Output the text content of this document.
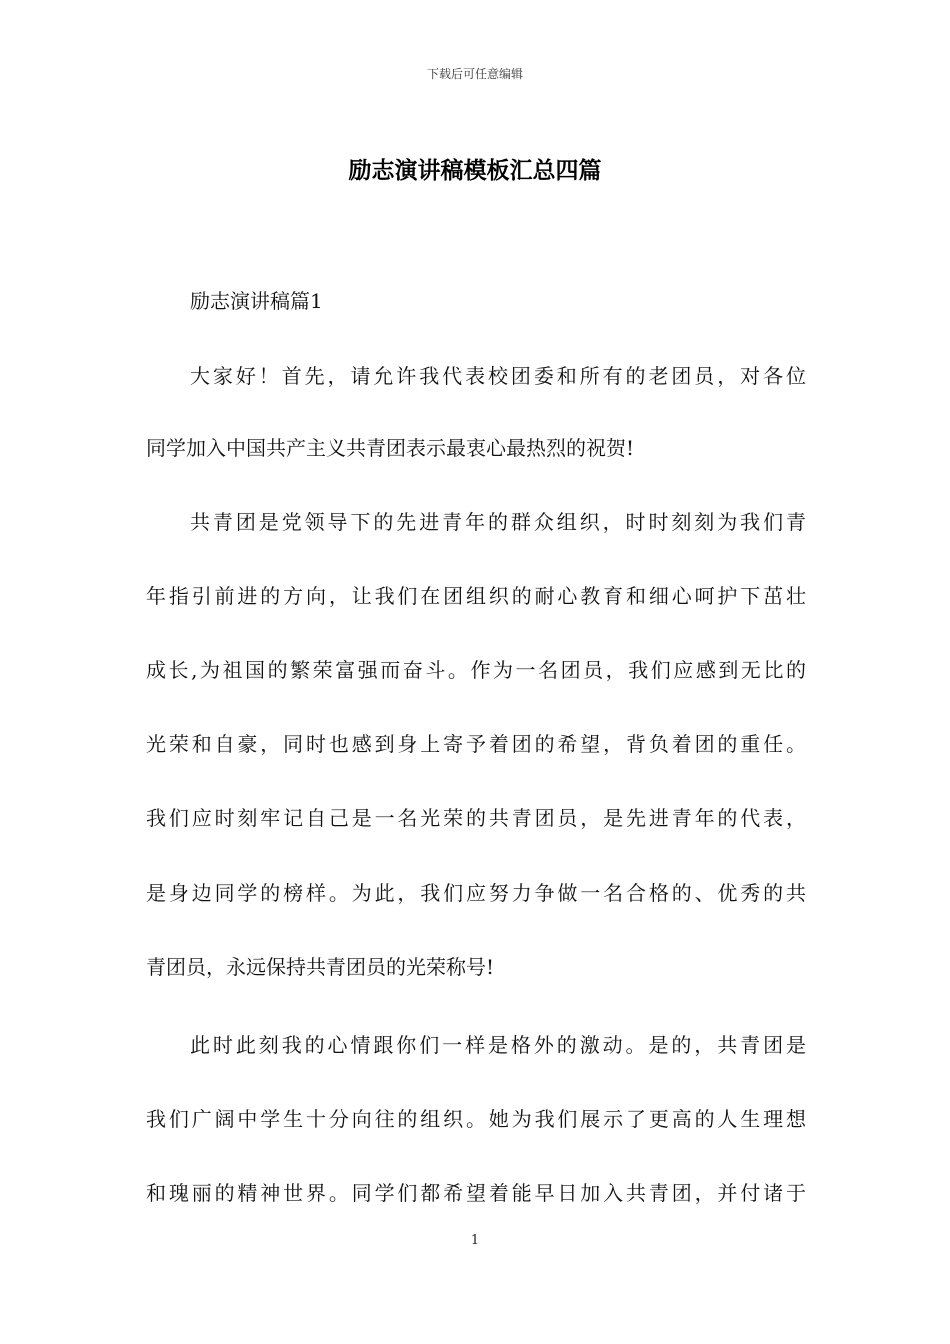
下载后可任意编辑
励志演讲稿模板汇总四篇
励志演讲稿篇1
大家好！首先，请允许我代表校团委和所有的老团员，对各位
同学加入中国共产主义共青团表示最衷心最热烈的祝贺!
共青团是党领导下的先进青年的群众组织，时时刻刻为我们青
年指引前进的方向，让我们在团组织的耐心教育和细心呵护下茁壮
成长,为祖国的繁荣富强而奋斗。作为一名团员，我们应感到无比的
光荣和自豪，同时也感到身上寄予着团的希望，背负着团的重任。
我们应时刻牢记自己是一名光荣的共青团员，是先进青年的代表，
是身边同学的榜样。为此，我们应努力争做一名合格的、优秀的共
青团员，永远保持共青团员的光荣称号!
此时此刻我的心情跟你们一样是格外的激动。是的，共青团是
我们广阔中学生十分向往的组织。她为我们展示了更高的人生理想
和瑰丽的精神世界。同学们都希望着能早日加入共青团，并付诸于
1
